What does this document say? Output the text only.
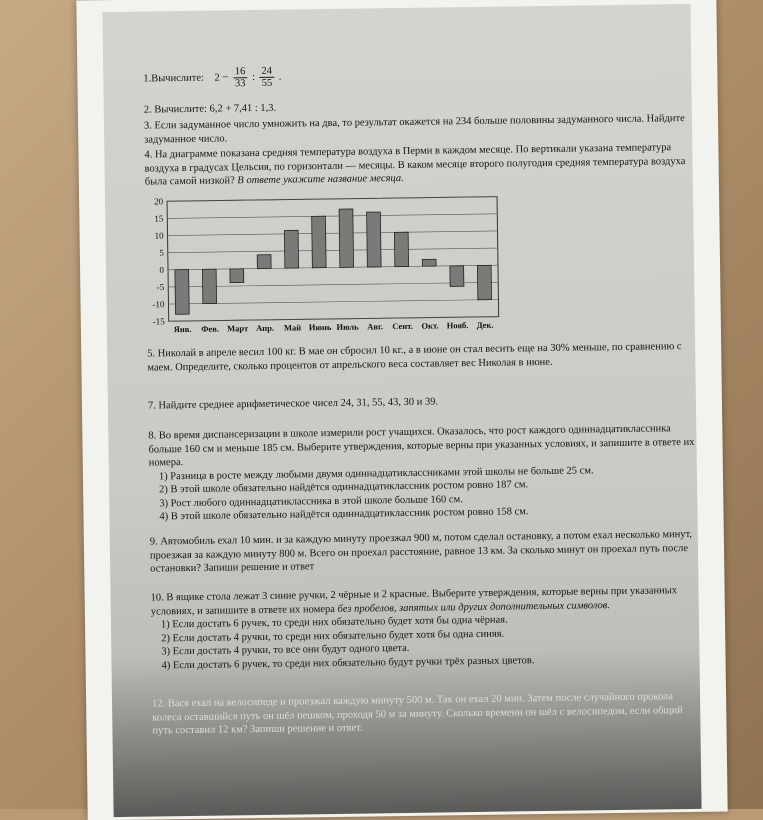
1.Вычислите: $2 - \frac{16}{33}$ : $\frac{24}{55}$ .
2. Вычислите: 6,2 + 7,41 : 1,3.
3. Если задуманное число умножить на два, то результат окажется на 234 больше половины задуманного числа. Найдите задуманное число.
4. На диаграмме показана средняя температура воздуха в Перми в каждом месяце. По вертикали указана температура воздуха в градусах Цельсия, по горизонтали — месяцы. В каком месяце второго полугодия средняя температура воздуха была самой низкой? В ответе укажите название месяца.
20
15
10
5
0
-5
-10
-15
Янв. Фев. Март Апр. Май Июнь Июль Авг. Сент. Окт. Нояб. Дек.
5. Николай в апреле весил 100 кг. В мае он сбросил 10 кг., а в июне он стал весить еще на 30% меньше, по сравнению с маем. Определите, сколько процентов от апрельского веса составляет вес Николая в июне.
7. Найдите среднее арифметическое чисел 24, 31, 55, 43, 30 и 39.
8. Во время диспансеризации в школе измерили рост учащихся. Оказалось, что рост каждого одиннадцатиклассника больше 160 см и меньше 185 см. Выберите утверждения, которые верны при указанных условиях, и запишите в ответе их номера.
1) Разница в росте между любыми двумя одиннадцатиклассниками этой школы не больше 25 см.
2) В этой школе обязательно найдётся одиннадцатиклассник ростом ровно 187 см.
3) Рост любого одиннадцатиклассника в этой школе больше 160 см.
4) В этой школе обязательно найдётся одиннадцатиклассник ростом ровно 158 см.
9. Автомобиль ехал 10 мин. и за каждую минуту проезжал 900 м, потом сделал остановку, а потом ехал несколько минут, проезжая за каждую минуту 800 м. Всего он проехал расстояние, равное 13 км. За сколько минут он проехал путь после остановки? Запиши решение и ответ
10. В ящике стола лежат 3 синие ручки, 2 чёрные и 2 красные. Выберите утверждения, которые верны при указанных условиях, и запишите в ответе их номера без пробелов, запятых или других дополнительных символов.
1) Если достать 6 ручек, то среди них обязательно будет хотя бы одна чёрная.
2) Если достать 4 ручки, то среди них обязательно будет хотя бы одна синяя.
3) Если достать 4 ручки, то все они будут одного цвета.
4) Если достать 6 ручек, то среди них обязательно будут ручки трёх разных цветов.
12. Вася ехал на велосипеде и проезжал каждую минуту 500 м. Так он ехал 20 мин. Затем после случайного прокола колеса оставшийся путь он шёл пешком, проходя 50 м за минуту. Сколько времени он шёл с велосипедом, если общий путь составил 12 км? Запиши решение и ответ.
